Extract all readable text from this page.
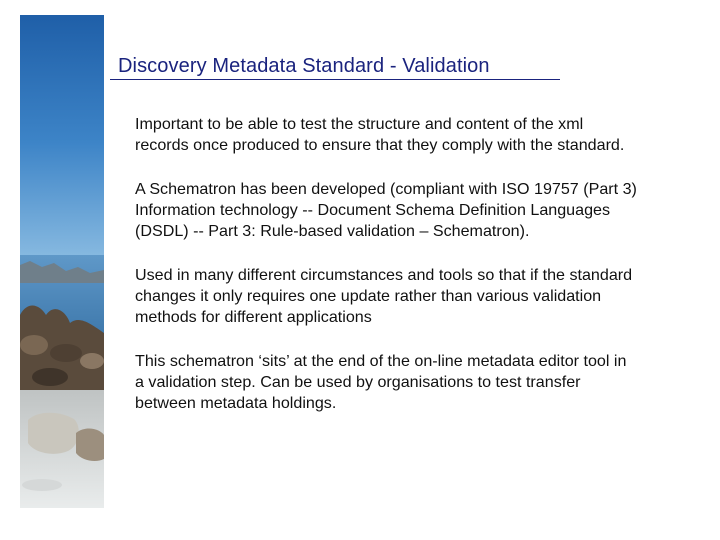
Discovery Metadata Standard - Validation

Important to be able to test the structure and content of the xml
records once produced to ensure that they comply with the standard.

A Schematron has been developed (compliant with ISO 19757 (Part 3)
Information technology -- Document Schema Definition Languages
(DSDL) -- Part 3: Rule-based validation – Schematron).

Used in many different circumstances and tools so that if the standard
changes it only requires one update rather than various validation
methods for different applications

This schematron ‘sits’ at the end of the on-line metadata editor tool in
a validation step. Can be used by organisations to test transfer
between metadata holdings.
